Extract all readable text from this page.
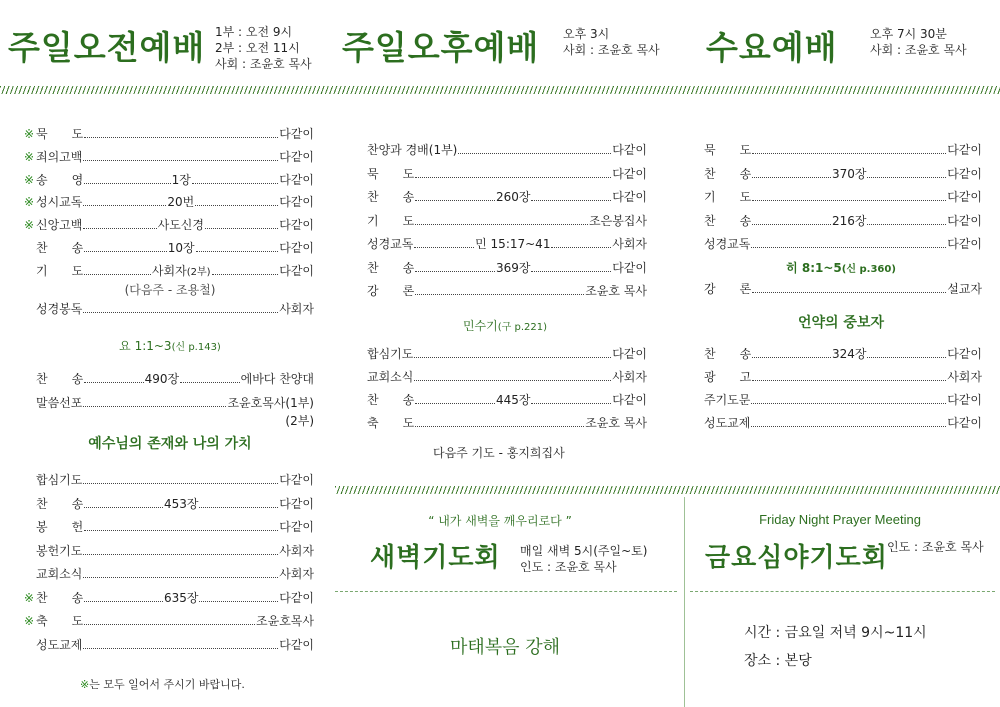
주일오전예배 1부 : 오전 9시
2부 : 오전 11시
사회 : 조윤호 목사 주일오후예배 오후 3시
사회 : 조윤호 목사 수요예배	오후 7시 30분
사회 : 조윤호 목사
※ 묵　　도	다같이
※ 죄의고백	다같이
※ 송　　영	1장	다같이
※ 성시교독	20번	다같이
※ 신앙고백	사도신경	다같이
찬　　송	10장	다같이
기　　도	사회자(2부)	다같이
성경봉독	사회자
찬　　송	490장	에바다 찬양대
말씀선포	조윤호목사(1부)
합심기도	다같이
찬　　송	453장	다같이
봉　　헌	다같이
봉헌기도	사회자
교회소식	사회자
※ 찬　　송	635장	다같이
※ 축　　도	조윤호목사
성도교제	다같이
(다음주 - 조용철)
요 1:1~3(신 p.143)
(2부)
예수님의 존재와 나의 가치
※는 모두 일어서 주시기 바랍니다.
찬양과 경배(1부)	다같이
묵　　도	다같이
찬　　송	260장	다같이
기　　도	조은봉집사
성경교독	민 15:17~41	사회자
찬　　송	369장	다같이
강　　론	조윤호 목사
합심기도	다같이
교회소식	사회자
찬　　송	445장	다같이
축　　도	조윤호 목사
민수기(구 p.221)
다음주 기도 - 홍지희집사
묵　　도	다같이
찬　　송	370장	다같이
기　　도	다같이
찬　　송	216장	다같이
성경교독	다같이
강　　론	설교자
찬　　송	324장	다같이
광　　고	사회자
주기도문	다같이
성도교제	다같이
히 8:1~5(신 p.360)
언약의 중보자
“ 내가 새벽을 깨우리로다 ”
새벽기도회 매일 새벽 5시(주일~토)
인도 : 조윤호 목사
마태복음 강해
Friday Night Prayer Meeting
금요심야기도회 인도 : 조윤호 목사
시간 : 금요일 저녁 9시~11시
장소 : 본당
